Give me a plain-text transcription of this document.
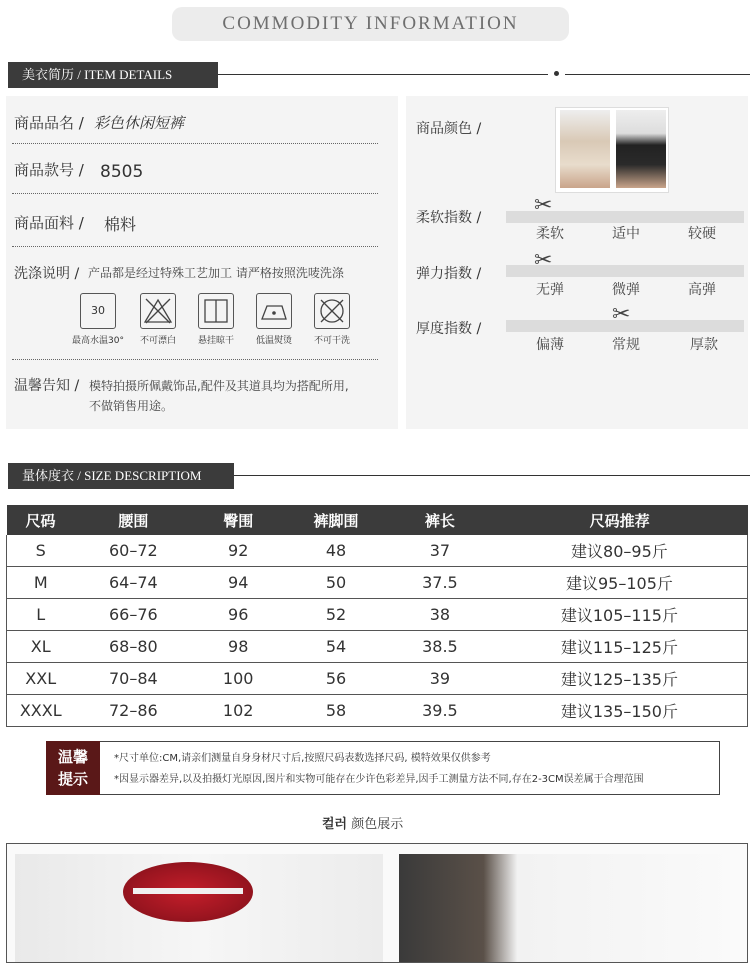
COMMODITY INFORMATION
美衣简历 / ITEM DETAILS
商品品名 / 彩色休闲短裤
商品款号 / 8505
商品面料 / 棉料
洗涤说明 / 产品都是经过特殊工艺加工 请严格按照洗唛洗涤
30
最高水温30°	不可漂白	悬挂晾干	低温熨烫	不可干洗
温馨告知 / 模特拍摄所佩戴饰品,配件及其道具均为搭配所用,
不做销售用途。
商品颜色 /
柔软指数 / ✂
柔软	适中	较硬
弹力指数 /
✂
无弹	微弹	高弹
厚度指数 /
✂
偏薄	常规	厚款
量体度衣 / SIZE DESCRIPTIOM
尺码	腰围	臀围	裤脚围	裤长	尺码推荐
S	60–72	92	48	37	建议80–95斤
M	64–74	94	50	37.5	建议95–105斤
L	66–76	96	52	38	建议105–115斤
XL	68–80	98	54	38.5	建议115–125斤
XXL	70–84	100	56	39	建议125–135斤
XXXL	72–86	102	58	39.5	建议135–150斤
温馨
提示
*尺寸单位:CM,请亲们测量自身身材尺寸后,按照尺码表数选择尺码, 模特效果仅供参考
*因显示器差异,以及拍摄灯光原因,图片和实物可能存在少许色彩差异,因手工测量方法不同,存在2-3CM误差属于合理范围
컬러 颜色展示
